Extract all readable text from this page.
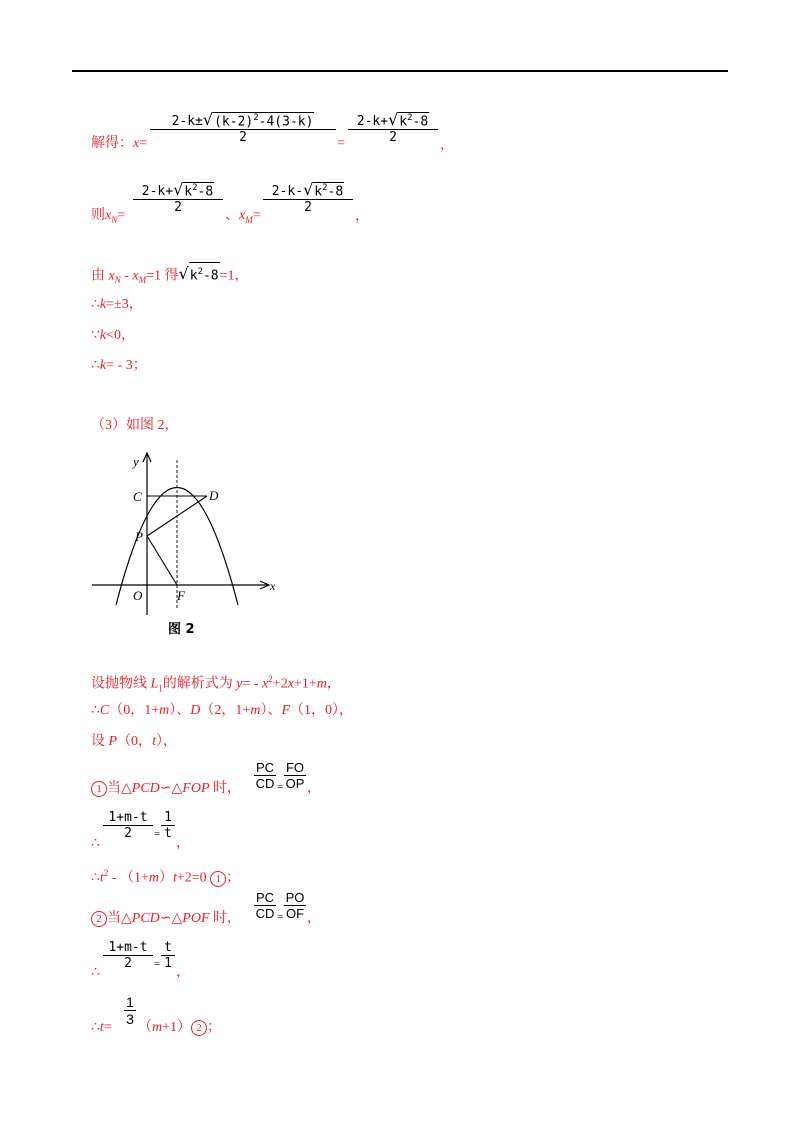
解得：x=
$2-k\pm√(k-2)^2-4(3-k)$
2	=
$2-k+√k^2-8$
2
，
则$x_N=$
$2-k+√k^2-8$
2
、$x_M=$
$2-k-√k^2-8$
2
，
由 $x_N - x_M=1$ 得$√k^2-8=1$，
∴k=±3，
∵k<0，
∴k= - 3；
（3）如图 2，
y
x
C	D
P
O	F
图 2
设抛物线 $L_1$的解析式为 $y= - x^2+2x+1+m$，
∴C（0，1+m）、D（2，1+m）、F（1，0），
设 P（0，t），
1 当△PCD∽△FOP 时，
PC
CD =
FO
OP ，
∴
1+m-t
2	=
1
t
，
$\therefore t^2 - (1+m)t+2=0$ 1 ；
2 当△PCD∽△POF 时，
PC
CD =
PO
OF ，
∴
1+m-t
2	=
t
1
，
∴t=
1
3
（m+1） 2 ；
